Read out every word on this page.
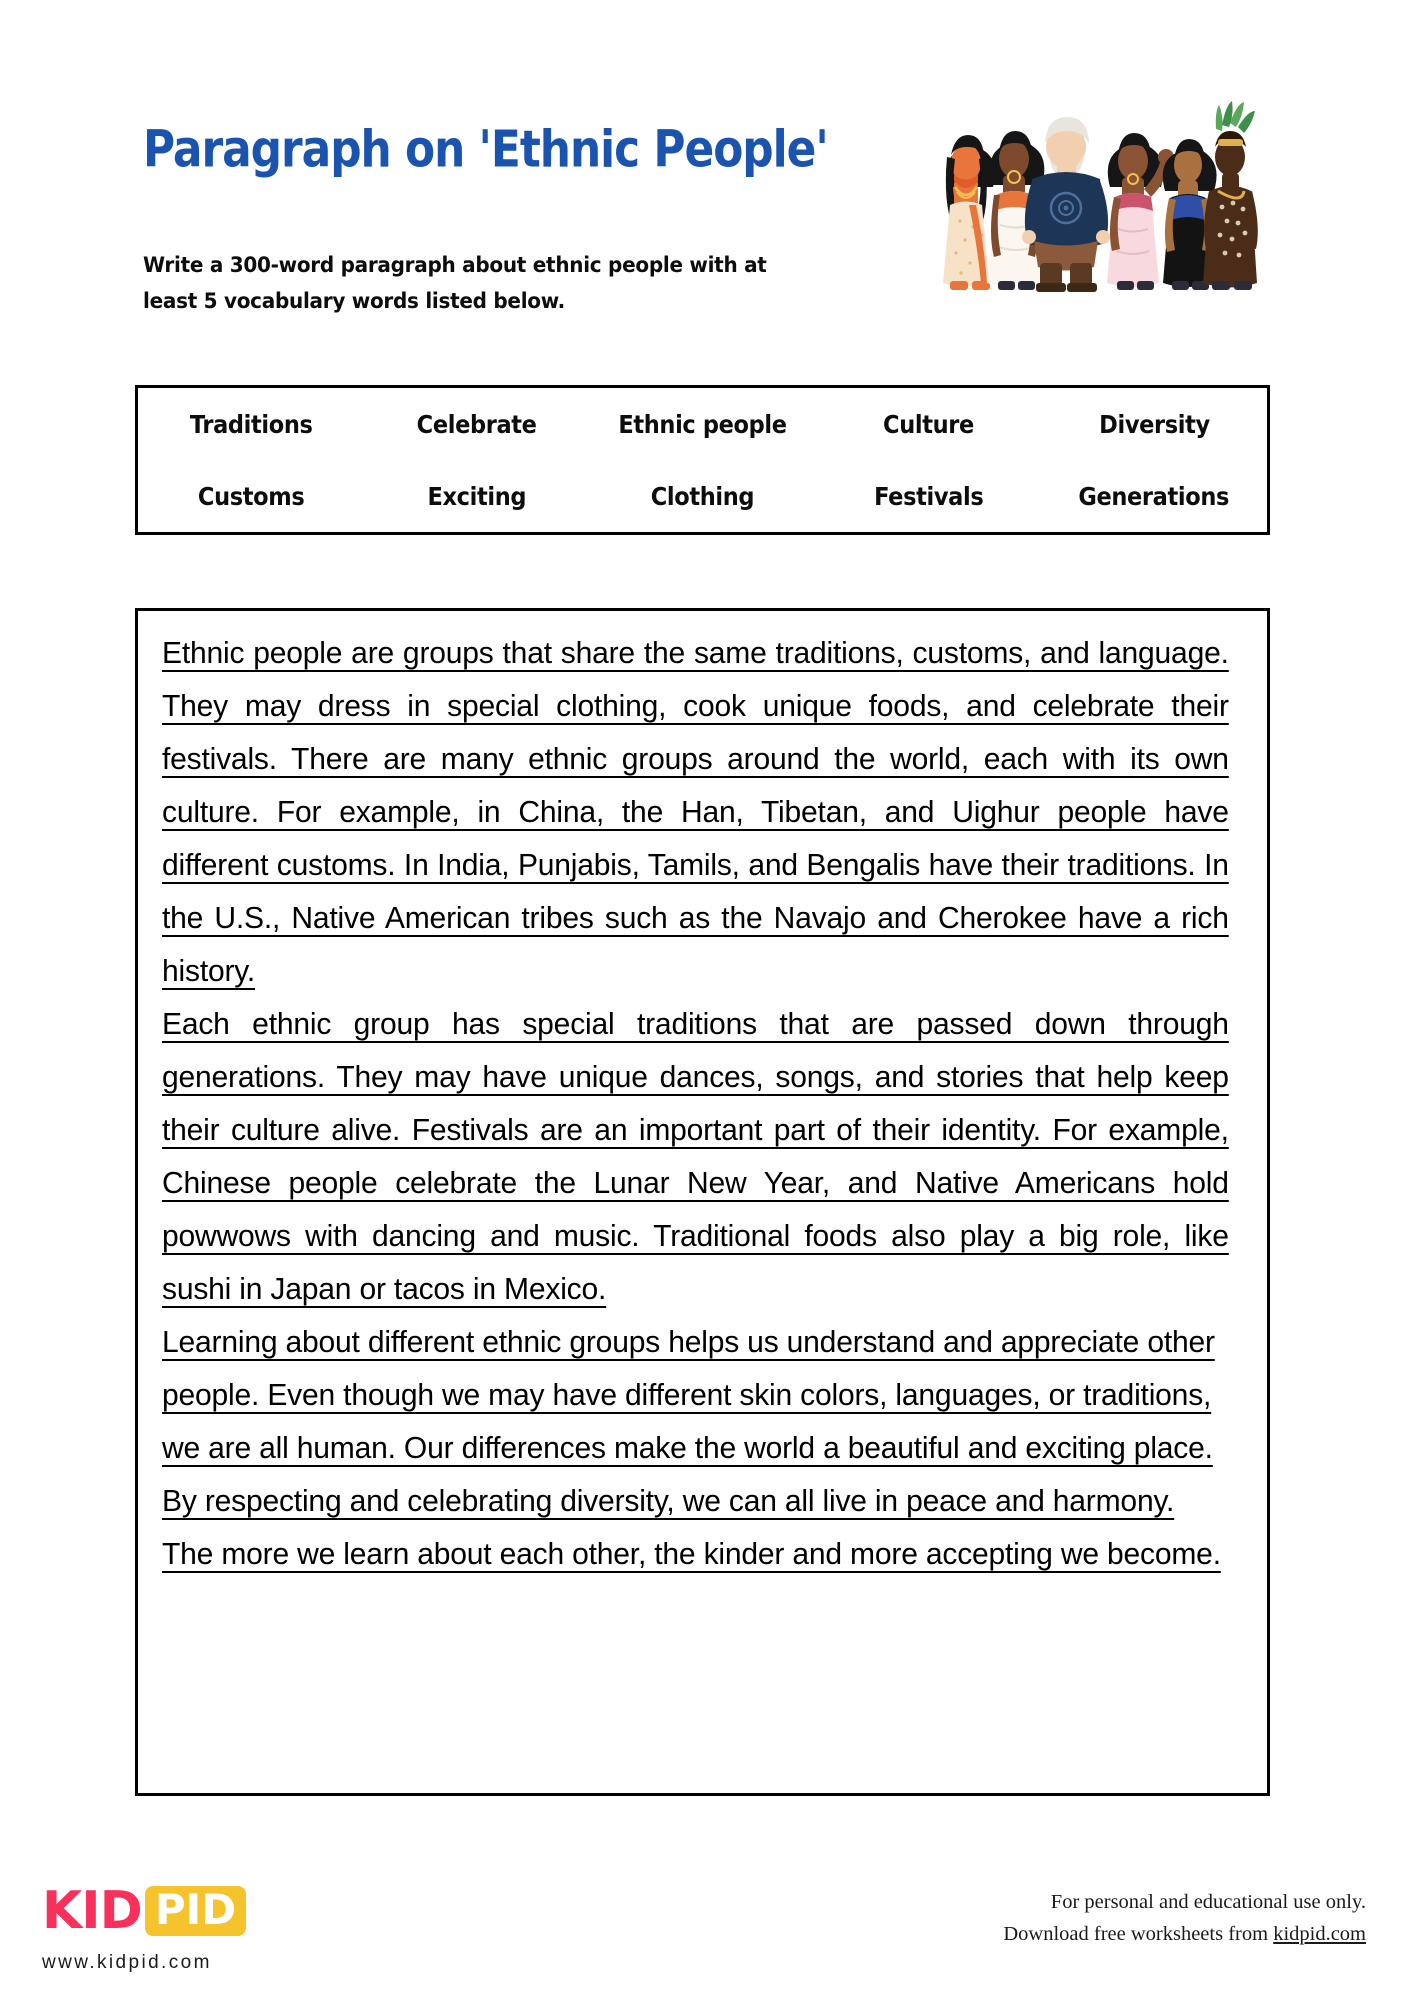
Paragraph on 'Ethnic People'
Write a 300-word paragraph about ethnic people with at least 5 vocabulary words listed below.
Traditions	Celebrate	Ethnic people	Culture	Diversity
Customs	Exciting	Clothing	Festivals	Generations

Ethnic people are groups that share the same traditions, customs, and language. They may dress in special clothing, cook unique foods, and celebrate their festivals. There are many ethnic groups around the world, each with its own culture. For example, in China, the Han, Tibetan, and Uighur people have different customs. In India, Punjabis, Tamils, and Bengalis have their traditions. In the U.S., Native American tribes such as the Navajo and Cherokee have a rich history.

Each ethnic group has special traditions that are passed down through generations. They may have unique dances, songs, and stories that help keep their culture alive. Festivals are an important part of their identity. For example, Chinese people celebrate the Lunar New Year, and Native Americans hold powwows with dancing and music. Traditional foods also play a big role, like sushi in Japan or tacos in Mexico.

Learning about different ethnic groups helps us understand and appreciate other people. Even though we may have different skin colors, languages, or traditions, we are all human. Our differences make the world a beautiful and exciting place. By respecting and celebrating diversity, we can all live in peace and harmony. The more we learn about each other, the kinder and more accepting we become.

KID PID
www.kidpid.com
For personal and educational use only.
Download free worksheets from kidpid.com
